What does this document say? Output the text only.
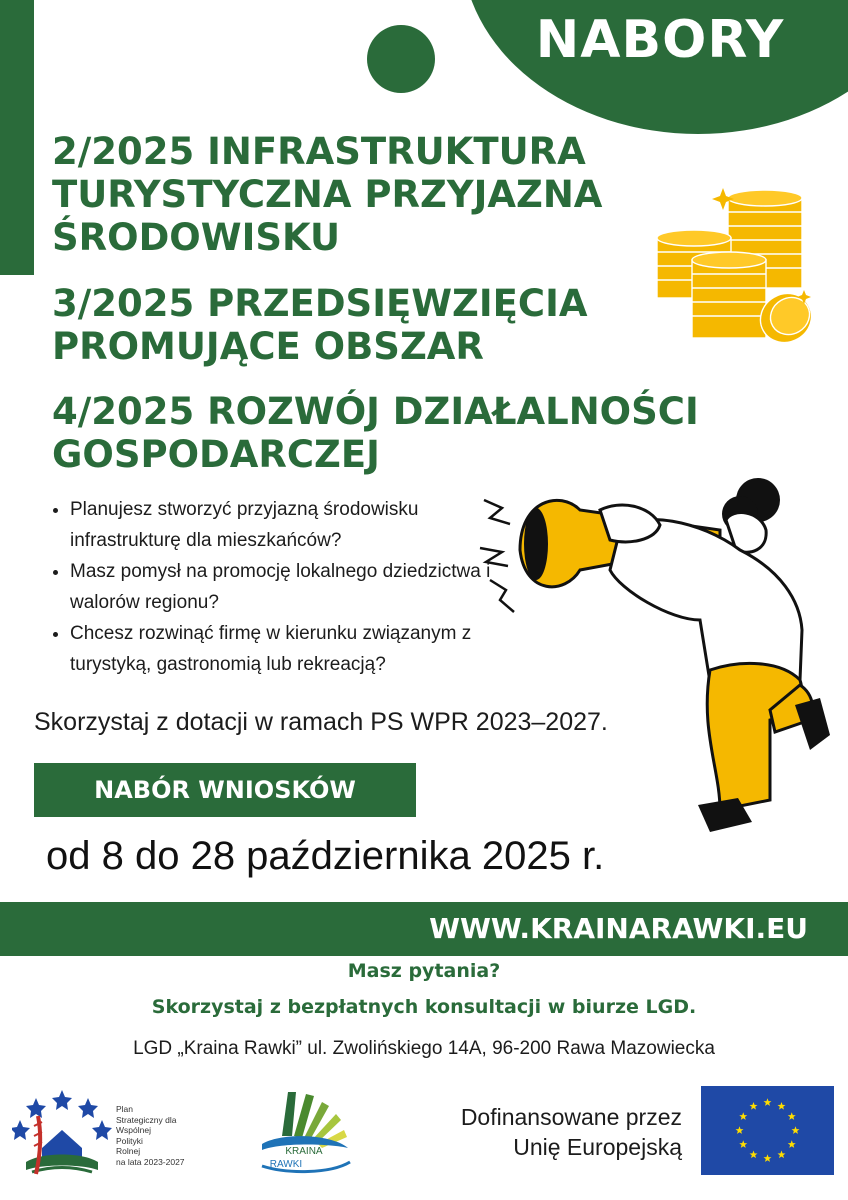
NABORY
2/2025 INFRASTRUKTURA TURYSTYCZNA PRZYJAZNA ŚRODOWISKU
3/2025 PRZEDSIĘWZIĘCIA PROMUJĄCE OBSZAR
4/2025 ROZWÓJ DZIAŁALNOŚCI GOSPODARCZEJ
• Planujesz stworzyć przyjazną środowisku infrastrukturę dla mieszkańców?
• Masz pomysł na promocję lokalnego dziedzictwa i walorów regionu?
• Chcesz rozwinąć firmę w kierunku związanym z turystyką, gastronomią lub rekreacją?
Skorzystaj z dotacji w ramach PS WPR 2023–2027.
NABÓR WNIOSKÓW
od 8 do 28 października 2025 r.
WWW.KRAINARAWKI.EU
Masz pytania?
Skorzystaj z bezpłatnych konsultacji w biurze LGD.
LGD „Kraina Rawki” ul. Zwolińskiego 14A, 96-200 Rawa Mazowiecka
Plan
Strategiczny dla
Wspólnej
Polityki
Rolnej
na lata 2023-2027
KRAINA
RAWKI
Dofinansowane przez
Unię Europejską
